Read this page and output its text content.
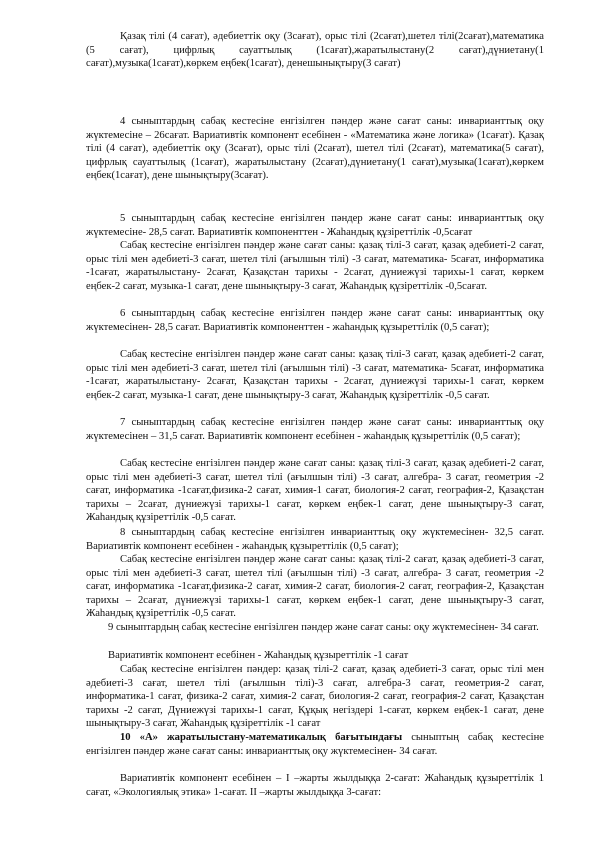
Қазақ тілі (4 сағат), әдебиеттік оқу (3сағат), орыс тілі (2сағат),шетел тілі(2сағат),математика (5 сағат), цифрлық сауаттылық (1сағат),жаратылыстану(2 сағат),дүниетану(1 сағат),музыка(1сағат),көркем еңбек(1сағат), денешынықтыру(3 сағат)

4 сыныптардың сабақ кестесіне енгізілген пәндер және сағат саны: инварианттық оқу жүктемесіне – 26сағат. Вариативтік компонент есебінен - «Математика және логика» (1сағат). Қазақ тілі (4 сағат), әдебиеттік оқу (3сағат), орыс тілі (2сағат), шетел тілі (2сағат), математика(5 сағат), цифрлық сауаттылық (1сағат), жаратылыстану (2сағат),дүниетану(1 сағат),музыка(1сағат),көркем еңбек(1сағат), дене шынықтыру(3сағат).

5 сыныптардың сабақ кестесіне енгізілген пәндер және сағат саны: инварианттық оқу жүктемесіне- 28,5 сағат. Вариативтік компоненттен - Жаһандық құзіреттілік -0,5сағат

Сабақ кестесіне енгізілген пәндер және сағат саны: қазақ тілі-3 сағат, қазақ әдебиеті-2 сағат, орыс тілі мен әдебиеті-3 сағат, шетел тілі (ағылшын тілі) -3 сағат, математика- 5сағат, информатика -1сағат, жаратылыстану- 2сағат, Қазақстан тарихы - 2сағат, дүниежүзі тарихы-1 сағат, көркем еңбек-2 сағат, музыка-1 сағат, дене шынықтыру-3 сағат, Жаһандық құзіреттілік -0,5сағат.

6 сыныптардың сабақ кестесіне енгізілген пәндер және сағат саны: инварианттық оқу жүктемесінен- 28,5 сағат. Вариативтік компоненттен - жаһандық құзыреттілік (0,5 сағат);

Сабақ кестесіне енгізілген пәндер және сағат саны: қазақ тілі-3 сағат, қазақ әдебиеті-2 сағат, орыс тілі мен әдебиеті-3 сағат, шетел тілі (ағылшын тілі) -3 сағат, математика- 5сағат, информатика -1сағат, жаратылыстану- 2сағат, Қазақстан тарихы - 2сағат, дүниежүзі тарихы-1 сағат, көркем еңбек-2 сағат, музыка-1 сағат, дене шынықтыру-3 сағат, Жаһандық құзіреттілік -0,5 сағат.

7 сыныптардың сабақ кестесіне енгізілген пәндер және сағат саны: инварианттық оқу жүктемесінен – 31,5 сағат. Вариативтік компонент есебінен - жаһандық құзыреттілік (0,5 сағат);

Сабақ кестесіне енгізілген пәндер және сағат саны: қазақ тілі-3 сағат, қазақ әдебиеті-2 сағат, орыс тілі мен әдебиеті-3 сағат, шетел тілі (ағылшын тілі) -3 сағат, алгебра- 3 сағат, геометрия -2 сағат, информатика -1сағат,физика-2 сағат, химия-1 сағат, биология-2 сағат, география-2, Қазақстан тарихы – 2сағат, дүниежүзі тарихы-1 сағат, көркем еңбек-1 сағат, дене шынықтыру-3 сағат, Жаһандық құзіреттілік -0,5 сағат.

8 сыныптардың сабақ кестесіне енгізілген инварианттық оқу жүктемесінен- 32,5 сағат. Вариативтік компонент есебінен - жаһандық құзыреттілік (0,5 сағат);

Сабақ кестесіне енгізілген пәндер және сағат саны: қазақ тілі-2 сағат, қазақ әдебиеті-3 сағат, орыс тілі мен әдебиеті-3 сағат, шетел тілі (ағылшын тілі) -3 сағат, алгебра- 3 сағат, геометрия -2 сағат, информатика -1сағат,физика-2 сағат, химия-2 сағат, биология-2 сағат, география-2, Қазақстан тарихы – 2сағат, дүниежүзі тарихы-1 сағат, көркем еңбек-1 сағат, дене шынықтыру-3 сағат, Жаһандық құзіреттілік -0,5 сағат.

9 сыныптардың сабақ кестесіне енгізілген пәндер және сағат саны: оқу жүктемесінен- 34 сағат.

Вариативтік компонент есебінен - Жаһандық құзыреттілік -1 сағат

Сабақ кестесіне енгізілген пәндер: қазақ тілі-2 сағат, қазақ әдебиеті-3 сағат, орыс тілі мен әдебиеті-3 сағат, шетел тілі (ағылшын тілі)-3 сағат, алгебра-3 сағат, геометрия-2 сағат, информатика-1 сағат, физика-2 сағат, химия-2 сағат, биология-2 сағат, география-2 сағат, Қазақстан тарихы -2 сағат, Дүниежүзі тарихы-1 сағат, Құқық негіздері 1-сағат, көркем еңбек-1 сағат, дене шынықтыру-3 сағат, Жаһандық құзіреттілік -1 сағат

10 «А» жаратылыстану-математикалық бағытындағы сыныптың сабақ кестесіне енгізілген пәндер және сағат саны: инварианттық оқу жүктемесінен- 34 сағат.

Вариативтік компонент есебінен – І –жарты жылдыққа 2-сағат: Жаһандық құзыреттілік 1 сағат, «Экологиялық этика» 1-сағат. ІІ –жарты жылдыққа 3-сағат:
